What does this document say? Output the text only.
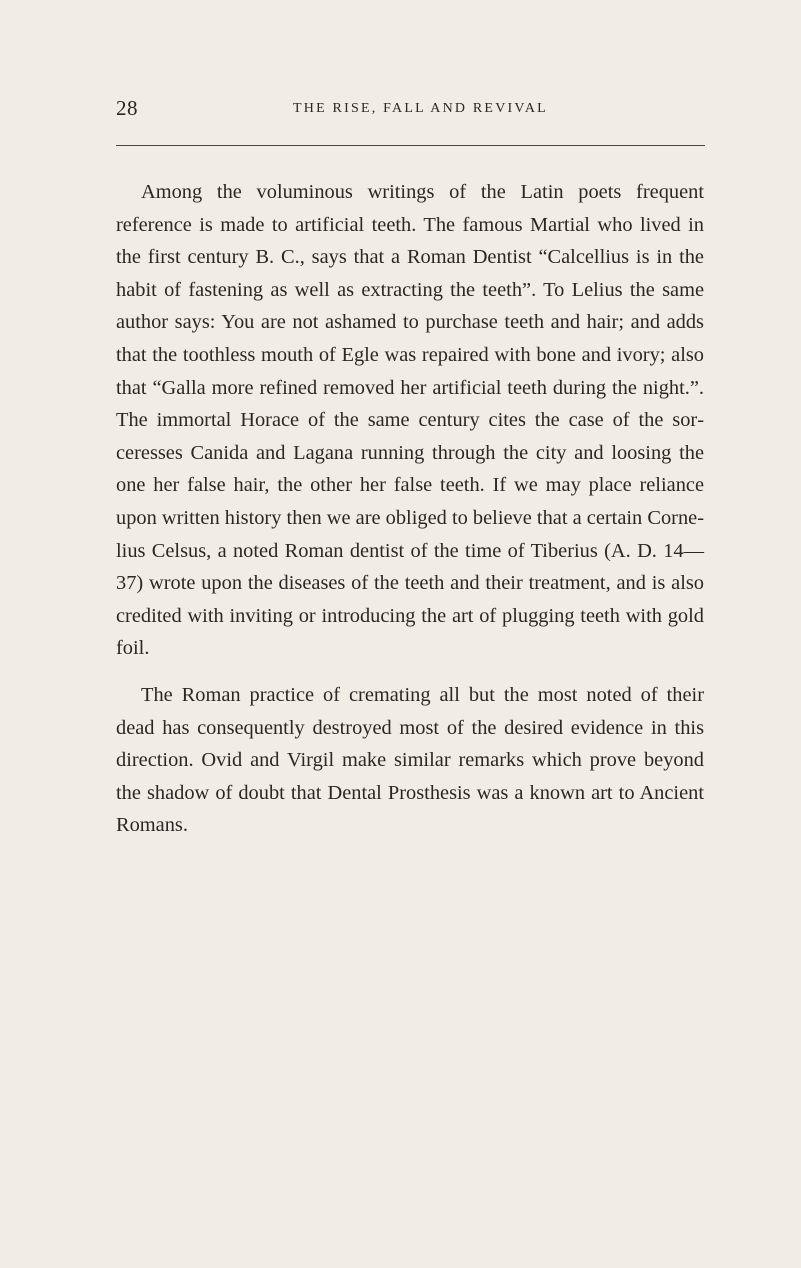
28	THE RISE, FALL AND REVIVAL

Among the voluminous writings of the Latin poets frequent reference is made to artificial teeth. The famous Martial who lived in the first century B. C., says that a Roman Dentist “Calcellius is in the habit of fastening as well as extracting the teeth”. To Lelius the same author says: You are not ashamed to purchase teeth and hair; and adds that the toothless mouth of Egle was repaired with bone and ivory; also that “Galla more refined removed her artificial teeth during the night.”. The immortal Horace of the same century cites the case of the sorceresses Canida and Lagana running through the city and loosing the one her false hair, the other her false teeth. If we may place reliance upon written history then we are obliged to believe that a certain Cornelius Celsus, a noted Roman dentist of the time of Tiberius (A. D. 14—37) wrote upon the diseases of the teeth and their treatment, and is also credited with inviting or introducing the art of plugging teeth with gold foil.

The Roman practice of cremating all but the most noted of their dead has consequently destroyed most of the desired evidence in this direction. Ovid and Virgil make similar remarks which prove beyond the shadow of doubt that Dental Prosthesis was a known art to Ancient Romans.
